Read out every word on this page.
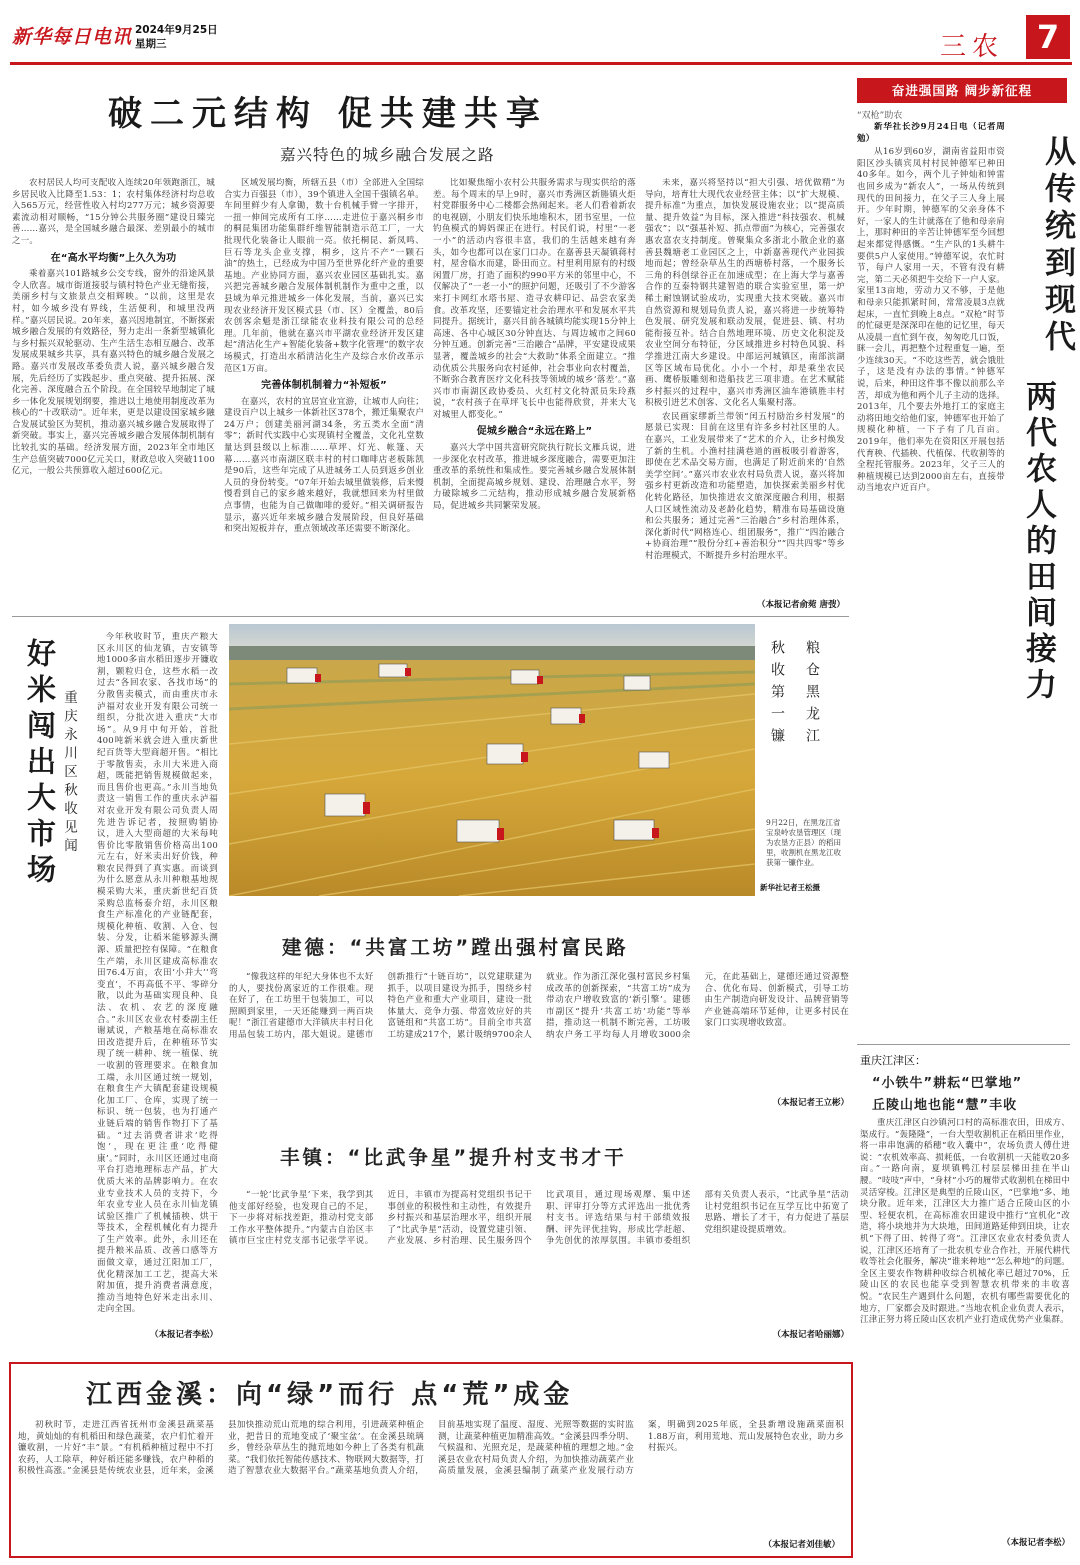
新华每日电讯 2024年9月25日
星期三	三农	7
破二元结构 促共建共享
嘉兴特色的城乡融合发展之路

农村居民人均可支配收入连续20年领跑浙江，城乡居民收入比降至1.53：1；农村集体经济村均总收入565万元，经营性收入村均277万元；城乡资源要素流动相对顺畅，“15分钟公共服务圈”建设日臻完善……嘉兴，是全国城乡融合最深、差别最小的城市之一。

在“高水平均衡”上久久为功

乘着嘉兴101路城乡公交专线，窗外的沿途风景令人欣喜。城市街道接驳与镇村特色产业无缝衔接，美丽乡村与文旅景点交相辉映。“以前，这里是农村，如今城乡没有界线，生活便利，和城里没两样。”嘉兴居民说。20年来，嘉兴因地制宜，不断探索城乡融合发展的有效路径，努力走出一条新型城镇化与乡村振兴双轮驱动、生产生活生态相互融合、改革发展成果城乡共享，具有嘉兴特色的城乡融合发展之路。嘉兴市发展改革委负责人说，嘉兴城乡融合发展，先后经历了实践起步、重点突破、提升拓展、深化完善、深度融合五个阶段。在全国较早地制定了城乡一体化发展规划纲要，推进以土地使用制度改革为核心的“十改联动”。近年来，更是以建设国家城乡融合发展试验区为契机，推动嘉兴城乡融合发展取得了新突破。事实上，嘉兴完善城乡融合发展体制机制有比较扎实的基础。经济发展方面，2023年全市地区生产总值突破7000亿元关口，财政总收入突破1100亿元，一般公共预算收入超过600亿元。

区域发展均衡，所辖五县（市）全部进入全国综合实力百强县（市），39个镇进入全国千强镇名单。车间里鲜少有人拿锄，数十台机械手臂一字排开，一扭一伸间完成所有工序……走进位于嘉兴桐乡市的桐昆集团功能集群纤维智能制造示范工厂，一大批现代化装备让人眼前一亮。依托桐昆、新凤鸣、巨石等龙头企业支撑，桐乡，这片不产“一颗石油”的热土，已经成为中国乃至世界化纤产业的重要基地。产业协同方面，嘉兴农业园区基础扎实。嘉兴把完善城乡融合发展体制机制作为重中之重，以县域为单元推进城乡一体化发展，当前，嘉兴已实现农业经济开发区模式县（市、区）全覆盖，80后农创客余魁是浙江绿能农业科技有限公司的总经理。几年前，他就在嘉兴市平湖农业经济开发区建起“清洁化生产+智能化装备+数字化管理”的数字农场模式，打造出水稻清洁化生产及综合水价改革示范区1万亩。

完善体制机制着力“补短板”

在嘉兴，农村的宜居宜业宜游，让城市人向往；建设百户以上城乡一体新社区378个，搬迁集聚农户24万户；创建美丽河湖34条，劣五类水全面“清零”；新时代实践中心实现镇村全覆盖，文化礼堂数量达到县级以上标准……草坪、灯光、帐篷、天幕……嘉兴市南湖区联丰村的村口咖啡店老板陈凯是90后，这些年完成了从进城务工人员到返乡创业人员的身份转变。“07年开始去城里做装修，后来慢慢看到自己的家乡越来越好，我就想回来为村里做点事情，也能为自己做咖啡的爱好。”相关调研报告显示，嘉兴近年来城乡融合发展阶段，但良好基础和突出短板并存，重点领域改革还需要不断深化。

比如聚焦缩小农村公共服务需求与现实供给的落差。每个周末的早上9时，嘉兴市秀洲区新塍镇火炬村党群服务中心二楼都会热闹起来。老人们看着新农的电视剧，小朋友们快乐地堆积木，团书室里，一位钓鱼模式的姆妈课正在进行。村民们说，村里“一老一小”的活动内容很丰富，我们的生活越来越有奔头，如今也都可以在家门口办。在嘉善县天凝镇蒋村村，屋舍临水而建，卧田而立。村里利用原有的村级闲置厂房，打造了面积约990平方米的邻里中心，不仅解决了“一老一小”的照护问题，还吸引了不少游客来打卡网红水塔书屋、造寻农耕印记、品尝农家美食。改革攻坚，还要锚定社会治理水平和发展水平共同提升。据统计，嘉兴目前各城镇均能实现15分钟上高速、各中心城区30分钟直达、与周边城市之间60分钟互通。创新完善“三治融合”品牌，平安建设成果显著，覆盖城乡的社会“大救助”体系全面建立。“推动优质公共服务向农村延伸，社会事业向农村覆盖，不断弥合教育医疗文化科技等领域的城乡‘落差’。”嘉兴市市南湖区政协委员、火红村文化特派员朱玲燕说，“农村孩子在草坪飞长中也能得欣赏，并来大飞对城里人都变化。”

促城乡融合“永远在路上”

嘉兴大学中国共富研究院执行院长文雁兵说，进一步深化农村改革，推进城乡深度融合，需要更加注重改革的系统性和集成性。要完善城乡融合发展体制机制，全面提高城乡规划、建设、治理融合水平，努力破除城乡二元结构，推动形成城乡融合发展新格局，促进城乡共同繁荣发展。

未来，嘉兴将坚持以“担大引强、培优做精”为导向，培育壮大现代农业经营主体；以“扩大规模、提升标准”为重点，加快发展设施农业；以“提高质量、提升效益”为目标，深入推进“科技强农、机械强农”；以“强基补短、抓点带面”为核心，完善强农惠农富农支持制度。曾聚集众多浙北小散企业的嘉善县魏塘老工业园区之上，中新嘉善现代产业园拔地而起；曾经杂草丛生的西塘桥村落，一个服务长三角的科创绿谷正在加速成型；在上海大学与嘉善合作的互泰特钢共建智造的联合实验室里，第一炉稀土耐蚀钢试验成功，实现重大技术突破。嘉兴市自然资源和规划局负责人说，嘉兴将进一步统筹特色发展、研究发展和联动发展，促进县、镇、村功能衔接互补。结合自然地理环境、历史文化积淀及农业空间分布特征，分区域推进乡村特色风貌、科学推进江南大乡建设。中部运河城镇区，南部滨湖区等区域布局优化。小小一个村，却是乘坐农民画、鹰桥版雕刻和造船技艺三项非遗。在艺术赋能乡村振兴的过程中，嘉兴市秀洲区油车港镇胜丰村积极引进艺术创客、文化名人集聚村落。

农民画家缪新兰带领“闰五村励治乡村发展”的愿景已实现：目前在这里有许多乡村社区里的人。在嘉兴，工业发展带来了“艺术的介入，让乡村焕发了新的生机。小渔村挂满巷道的画板吸引着游客，即使在艺术品交易方面，也满足了附近前来的‘自然美学空间’。”嘉兴市农业农村局负责人说，嘉兴将加强乡村更新改造和功能塑造，加快探索美丽乡村优化转化路径，加快推进农文旅深度融合利用，根据人口区域性流动及老龄化趋势，精准布局基础设施和公共服务；通过完善“三治融合”乡村治理体系，深化新时代“网格连心、组团服务”，推广“四治融合+协商治理”“股份分红+善治积分”“四共四零”等乡村治理模式，不断提升乡村治理水平。

（本报记者俞菀 唐弢）
奋进强国路 阔步新征程
“双枪”助农

新华社长沙9月24日电（记者周勉）

从16岁到60岁，湖南省益阳市资阳区沙头镇宾凤村村民钟德军已种田40多年。如今，两个儿子钟灿和钟雷也回乡成为“新农人”，一场从传统到现代的田间接力，在父子三人身上展开。少年时期，钟德军的父亲身体不好，一家人的生计就落在了他和母亲肩上，那时种田的辛苦让钟德军至今回想起来都觉得感慨。“生产队的1头耕牛要供5户人家使用。”钟德军说，农忙时节，每户人家用一天，不管有没有耕完，第二天必须把牛交给下一户人家。家里13亩地，劳动力又不够，于是他和母亲只能抓紧时间，常常凌晨3点就起床，一直忙到晚上8点。“双枪”时节的忙碌更是深深印在他的记忆里，每天从凌晨一直忙到午夜，匆匆吃几口饭，眯一会儿，再把整个过程重复一遍，至少连续30天。“不吃这些苦，就会饿肚子，这是没有办法的事情。”钟德军说，后来，种田这件事不像以前那么辛苦，却成为他和两个儿子主动的选择。2013年，几个要去外地打工的家庭主动将田地交给他们家，钟德军也开始了规模化种植，一下子有了几百亩。2019年，他们率先在资阳区开展包括代育秧、代插秧、代植保、代收割等的全程托管服务。2023年，父子三人的种植规模已达到2000亩左右，直接带动当地农户近百户。

从传统到现代
两代农人的田间接力
好米闯出大市场 重庆永川区秋收见闻

今年秋收时节，重庆产粮大区永川区的仙龙镇，吉安镇等地1000多亩水稻田逐步开镰收割，颗粒归仓，这些水稻一改过去“各回农家、各找市场”的分散售卖模式，而由重庆市永泸福对农业开发有限公司统一组织，分批次进入重庆“大市场”。从9月中旬开始，首批400吨新米就会进入重庆新世纪百货等大型商超开售。“相比于零散售卖，永川大米进入商超，既能把销售规模做起来，而且售价也更高。”永川当地负责这一销售工作的重庆永泸福对农业开发有限公司负责人周先进告诉记者，按照购销协议，进入大型商超的大米每吨售价比零散销售价格高出100元左右，好米卖出好价钱，种粮农民得到了真实惠。而谈到为什么愿意从永川种粮基地规模采购大米，重庆新世纪百货采购总监杨泰介绍，永川区粮食生产标准化的产业链配套，规模化种植、收割、入仓、包装、分发，让稻米能够源头溯源、质量把控有保障。“在粮食生产端，永川区建成高标准农田76.4万亩，农田‘小并大’‘弯变直’，不再高低不平、零碎分散，以此为基础实现良种、良法、农机、农艺的深度融合。”永川区农业农村委副主任谢斌说，产粮基地在高标准农田改造提升后，在种植环节实现了统一耕种、统一植保、统一收割的管理要求。在粮食加工端，永川区通过统一规划，在粮食生产大镇配套建设规模化加工厂、仓库，实现了统一标识、统一包装，也为打通产业链后端的销售作物打下了基础。“过去消费者讲求‘吃得饱’，现在更注重‘吃得健康’。”同时，永川区还通过电商平台打造地理标志产品，扩大优质大米的品牌影响力。在农业专业技术人员的支持下，今年农业专业人员在永川仙龙镇试验区推广了机械插秧、烘干等技术，全程机械化有力提升了生产效率。此外，永川还在提升粮米品质、改善口感等方面做文章，通过江阳加工厂，优化精深加工工艺，提高大米附加值，提升消费者满意度，推动当地特色好米走出永川、走向全国。

（本报记者李松）
粮仓黑龙江
秋收第一镰
9月22日，在黑龙江省宝泉岭农垦管理区（现为农垦方正县）的稻田里，收割机在黑龙江收获第一镰作业。
新华社记者王松摄
建德：“共富工坊”蹚出强村富民路
“像我这样的年纪大身体也不太好的人，要找份离家近的工作很难。现在好了，在工坊里干包装加工，可以照顾到家里，一天还能赚到一两百块呢！”浙江省建德市大洋镇庆丰村日化用品包装工坊内，邵大姐说。建德市创新推行“十链百坊”，以党建联建为抓手，以项目建设为抓手，围绕乡村特色产业和重大产业项目，建设一批体量大、竞争力强、带富效应好的共富链组和“共富工坊”。目前全市共富工坊建成217个，累计吸纳9700余人就业。作为浙江深化强村富民乡村集成改革的创新探索，“共富工坊”成为带动农户增收致富的‘新引擎’。建德市副区“提升‘共富工坊’功能”等举措，推动这一机制不断完善，工坊吸纳农户务工平均每人月增收3000余元，在此基础上，建德还通过资源整合、优化布局、创新模式，引导工坊由生产制造向研发设计、品牌营销等产业链高端环节延伸，让更多村民在家门口实现增收致富。
（本报记者王立彬）
丰镇：“比武争星”提升村支书才干
“一轮‘比武争星’下来，我学到其他支部好经验，也发现自己的不足，下一步将对标找差距，推动村党支部工作水平整体提升。”内蒙古自治区丰镇市巨宝庄村党支部书记张学平说。近日，丰镇市为提高村党组织书记干事创业的积极性和主动性，有效提升乡村振兴和基层治理水平，组织开展了“比武争星”活动，设置党建引领、产业发展、乡村治理、民生服务四个比武项目，通过现场观摩、集中述职、评审打分等方式评选出一批优秀村支书。评选结果与村干部绩效报酬、评先评优挂钩，形成比学赶超、争先创优的浓厚氛围。丰镇市委组织部有关负责人表示，“比武争星”活动让村党组织书记在互学互比中拓宽了思路、增长了才干，有力促进了基层党组织建设提质增效。
（本报记者哈丽娜）
重庆江津区：
“小铁牛”耕耘“巴掌地”
丘陵山地也能“慧”丰收

重庆江津区白沙镇河口村的高标准农田，田成方、渠成行。“轰隆隆”，一台大型收割机正在稻田里作业，将一串串饱满的稻穗“收入囊中”，农场负责人傅仕进说：“农机效率高、损耗低，一台收割机一天能收20多亩。”一路向南，夏坝镇鸭江村层层梯田挂在半山腰。“吱吱”声中，“身材”小巧的履带式收割机在梯田中灵活穿梭。江津区是典型的丘陵山区，“巴掌地”多、地块分散。近年来，江津区大力推广适合丘陵山区的小型、轻便农机，在高标准农田建设中推行“宜机化”改造，将小块地并为大块地，田间道路延伸到田块，让农机“下得了田、转得了弯”。江津区农业农村委负责人说，江津区还培育了一批农机专业合作社，开展代耕代收等社会化服务，解决“谁来种地”“怎么种地”的问题。全区主要农作物耕种收综合机械化率已超过70%，丘陵山区的农民也能享受到智慧农机带来的丰收喜悦。“农民生产遇到什么问题，农机有哪些需要优化的地方，厂家都会及时跟进。”当地农机企业负责人表示，江津正努力将丘陵山区农机产业打造成优势产业集群。

（本报记者李松）
江西金溪：向“绿”而行 点“荒”成金
初秋时节，走进江西省抚州市金溪县蔬菜基地，黄灿灿的有机稻田和绿色蔬菜，农户们忙着开镰收割，一片好“丰”景。“有机稻种植过程中不打农药，人工除草，种好稻还能多赚钱，农户种稻的积极性高涨。”金溪县是传统农业县，近年来，金溪县加快推动荒山荒地的综合利用，引进蔬菜种植企业，把昔日的荒地变成了‘聚宝盆’。在金溪县琉璃乡，曾经杂草丛生的抛荒地如今种上了各类有机蔬菜。“我们依托智能传感技术、物联网大数据等，打造了智慧农业大数据平台。”蔬菜基地负责人介绍，目前基地实现了温度、湿度、光照等数据的实时监测，让蔬菜种植更加精准高效。“金溪县四季分明、气候温和、光照充足，是蔬菜种植的理想之地。”金溪县农业农村局负责人介绍，为加快推动蔬菜产业高质量发展，金溪县编制了蔬菜产业发展行动方案，明确到2025年底，全县新增设施蔬菜面积1.88万亩，利用荒地、荒山发展特色农业，助力乡村振兴。
（本报记者刘佳敏）
